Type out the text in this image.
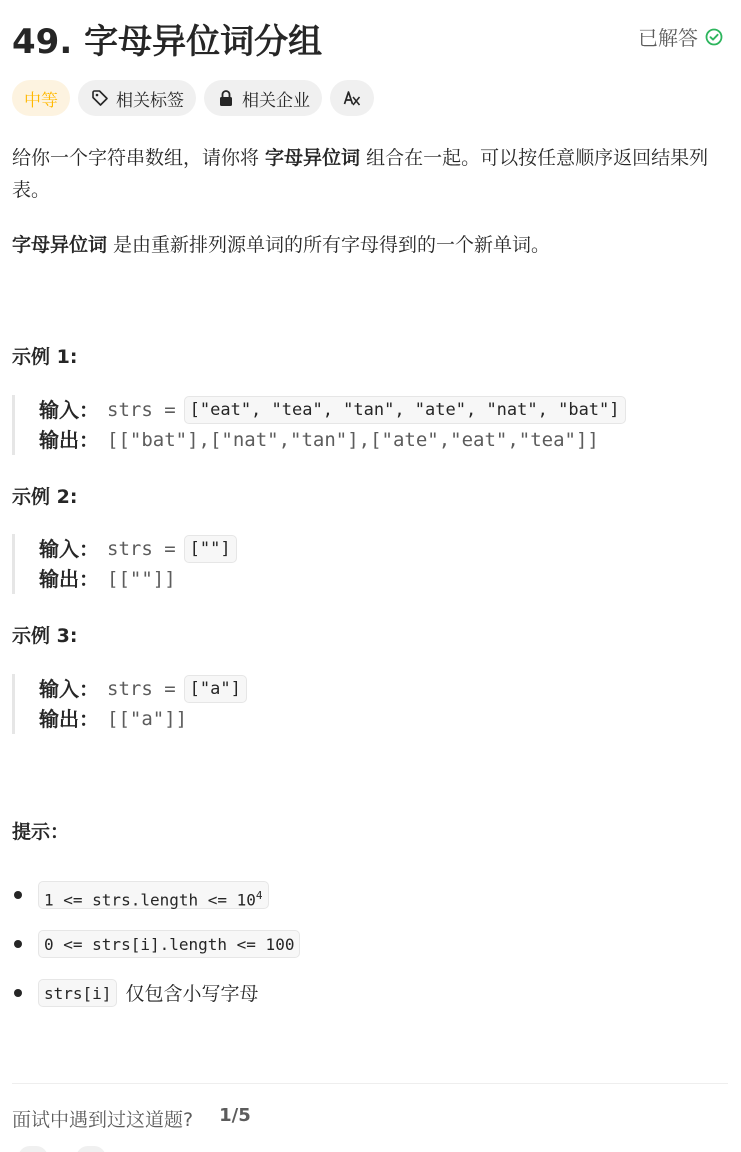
49. 字母异位词分组	已解答
中等	相关标签	相关企业
给你一个字符串数组，请你将 字母异位词 组合在一起。可以按任意顺序返回结果列表。
字母异位词 是由重新排列源单词的所有字母得到的一个新单词。
示例 1:
输入： strs = ["eat", "tea", "tan", "ate", "nat", "bat"]
输出： [["bat"],["nat","tan"],["ate","eat","tea"]]
示例 2:
输入： strs = [""]
输出： [[""]]
示例 3:
输入： strs = ["a"]
输出： [["a"]]
提示：
1 <= strs.length <= $10^4$
0 <= strs[i].length <= 100
strs[i] 仅包含小写字母
面试中遇到过这道题? 1/5
